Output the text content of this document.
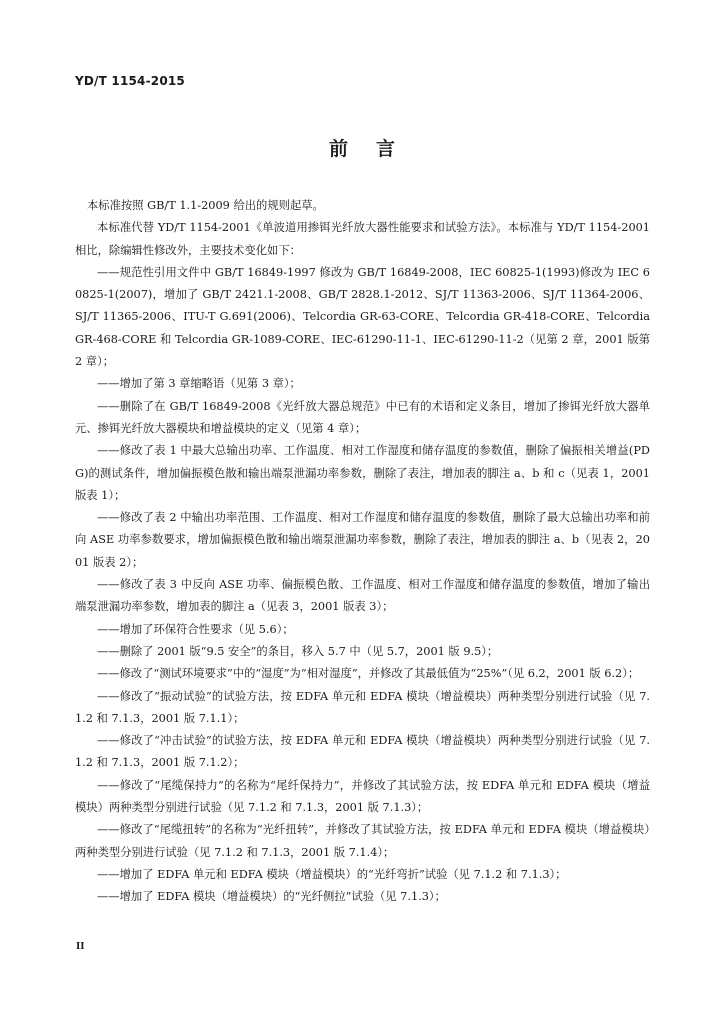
YD/T 1154-2015
前言

本标准按照 GB/T 1.1-2009 给出的规则起草。

本标准代替 YD/T 1154-2001《单波道用掺铒光纤放大器性能要求和试验方法》。本标准与 YD/T 1154-2001 相比，除编辑性修改外，主要技术变化如下：

——规范性引用文件中 GB/T 16849-1997 修改为 GB/T 16849-2008，IEC 60825-1(1993)修改为 IEC 60825-1(2007)，增加了 GB/T 2421.1-2008、GB/T 2828.1-2012、SJ/T 11363-2006、SJ/T 11364-2006、SJ/T 11365-2006、ITU-T G.691(2006)、Telcordia GR-63-CORE、Telcordia GR-418-CORE、Telcordia GR-468-CORE 和 Telcordia GR-1089-CORE、IEC-61290-11-1、IEC-61290-11-2（见第 2 章，2001 版第 2 章）；

——增加了第 3 章缩略语（见第 3 章）；

——删除了在 GB/T 16849-2008《光纤放大器总规范》中已有的术语和定义条目，增加了掺铒光纤放大器单元、掺铒光纤放大器模块和增益模块的定义（见第 4 章）；

——修改了表 1 中最大总输出功率、工作温度、相对工作湿度和储存温度的参数值，删除了偏振相关增益(PDG)的测试条件，增加偏振模色散和输出端泵泄漏功率参数，删除了表注，增加表的脚注 a、b 和 c（见表 1，2001 版表 1）；

——修改了表 2 中输出功率范围、工作温度、相对工作湿度和储存温度的参数值，删除了最大总输出功率和前向 ASE 功率参数要求，增加偏振模色散和输出端泵泄漏功率参数，删除了表注，增加表的脚注 a、b（见表 2，2001 版表 2）；

——修改了表 3 中反向 ASE 功率、偏振模色散、工作温度、相对工作湿度和储存温度的参数值，增加了输出端泵泄漏功率参数，增加表的脚注 a（见表 3，2001 版表 3）；

——增加了环保符合性要求（见 5.6）；

——删除了 2001 版“9.5 安全”的条目，移入 5.7 中（见 5.7，2001 版 9.5）；

——修改了“测试环境要求”中的“湿度”为“相对湿度”，并修改了其最低值为“25%”（见 6.2，2001 版 6.2）；

——修改了“振动试验”的试验方法，按 EDFA 单元和 EDFA 模块（增益模块）两种类型分别进行试验（见 7.1.2 和 7.1.3，2001 版 7.1.1）；

——修改了“冲击试验”的试验方法，按 EDFA 单元和 EDFA 模块（增益模块）两种类型分别进行试验（见 7.1.2 和 7.1.3，2001 版 7.1.2）；

——修改了“尾缆保持力”的名称为“尾纤保持力”，并修改了其试验方法，按 EDFA 单元和 EDFA 模块（增益模块）两种类型分别进行试验（见 7.1.2 和 7.1.3，2001 版 7.1.3）；

——修改了“尾缆扭转”的名称为“光纤扭转”，并修改了其试验方法，按 EDFA 单元和 EDFA 模块（增益模块）两种类型分别进行试验（见 7.1.2 和 7.1.3，2001 版 7.1.4）；

——增加了 EDFA 单元和 EDFA 模块（增益模块）的“光纤弯折”试验（见 7.1.2 和 7.1.3）；

——增加了 EDFA 模块（增益模块）的“光纤侧拉”试验（见 7.1.3）；

II
